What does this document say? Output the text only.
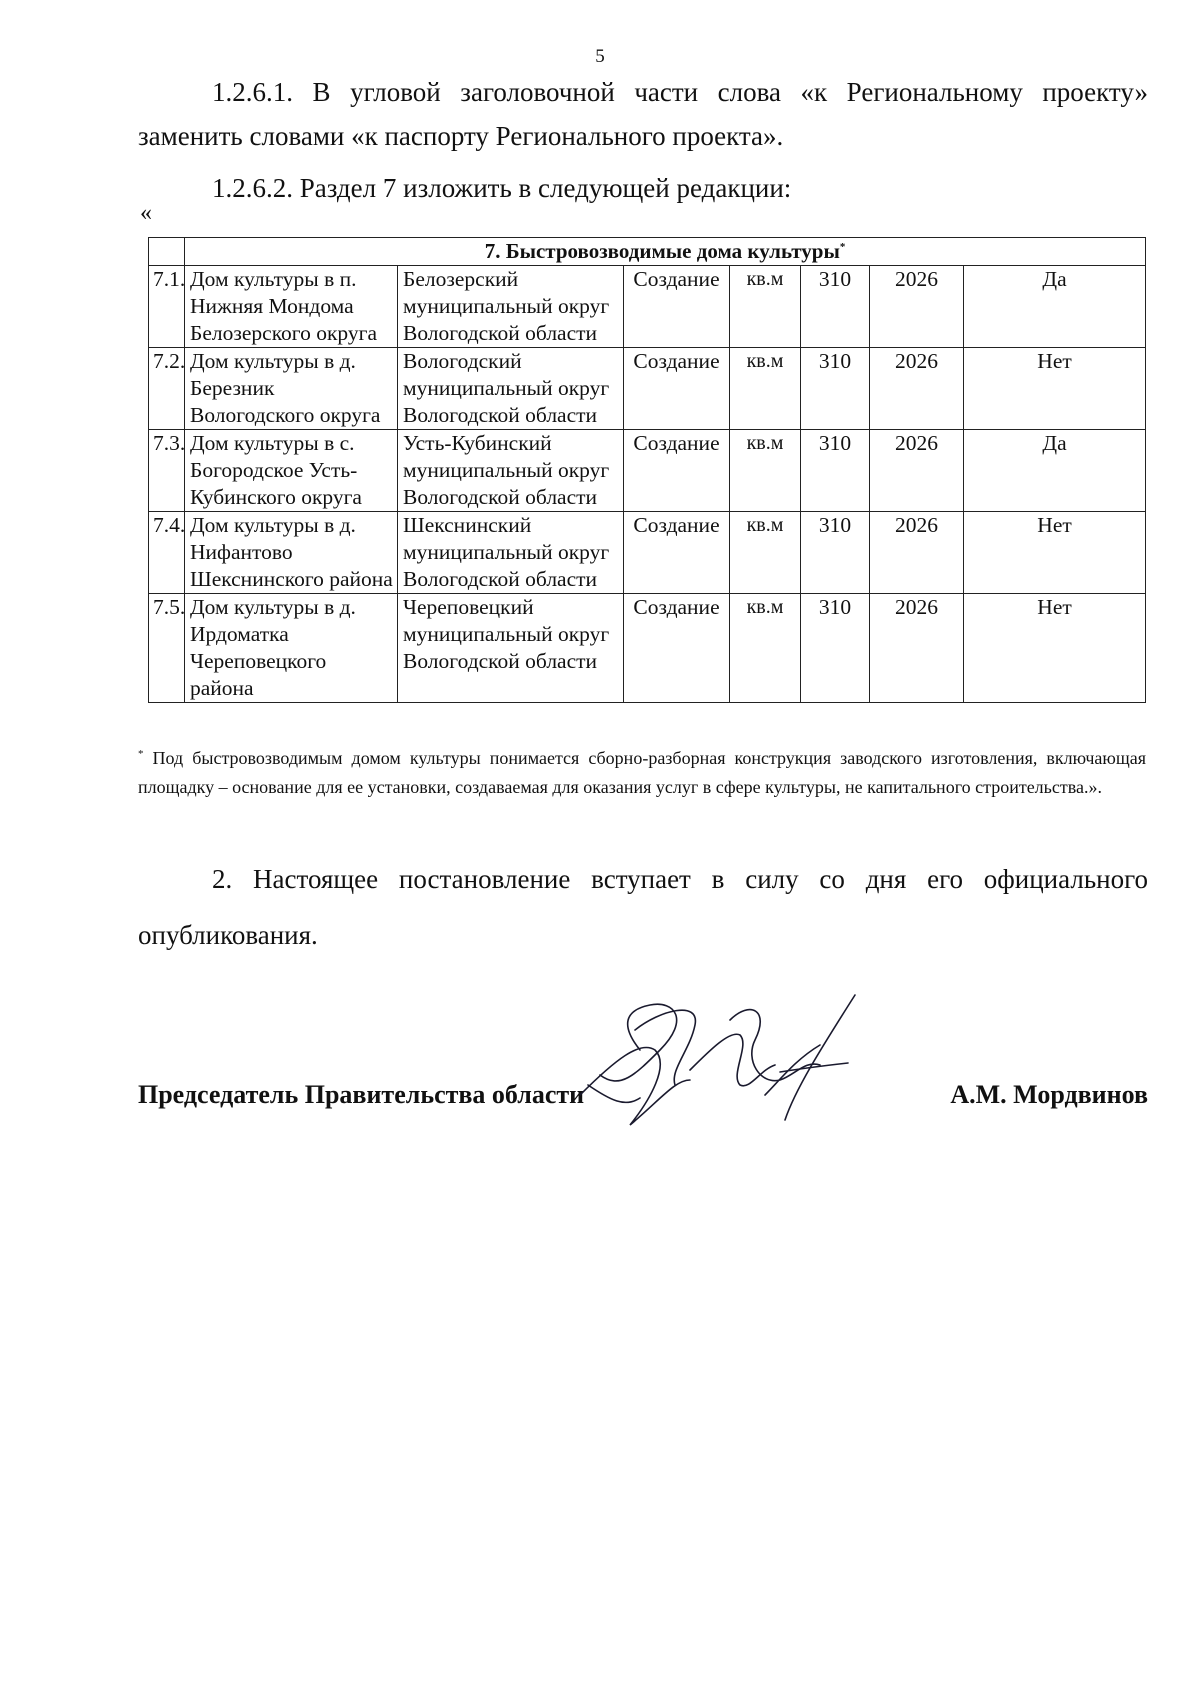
5
1.2.6.1. В угловой заголовочной части слова «к Региональному проекту» заменить словами «к паспорту Регионального проекта».
1.2.6.2. Раздел 7 изложить в следующей редакции:
«
	7. Быстровозводимые дома культуры*
7.1.	Дом культуры в п. Нижняя Мондома Белозерского округа	Белозерский муниципальный округ Вологодской области	Создание	кв.м	310	2026	Да
7.2.	Дом культуры в д. Березник Вологодского округа	Вологодский муниципальный округ Вологодской области	Создание	кв.м	310	2026	Нет
7.3.	Дом культуры в с. Богородское Усть-Кубинского округа	Усть-Кубинский муниципальный округ Вологодской области	Создание	кв.м	310	2026	Да
7.4.	Дом культуры в д. Нифантово Шекснинского района	Шекснинский муниципальный округ Вологодской области	Создание	кв.м	310	2026	Нет
7.5.	Дом культуры в д. Ирдоматка Череповецкого района	Череповецкий муниципальный округ Вологодской области	Создание	кв.м	310	2026	Нет
* Под быстровозводимым домом культуры понимается сборно-разборная конструкция заводского изготовления, включающая площадку – основание для ее установки, создаваемая для оказания услуг в сфере культуры, не капитального строительства.».
2. Настоящее постановление вступает в силу со дня его официального опубликования.
Председатель Правительства области	А.М. Мордвинов
